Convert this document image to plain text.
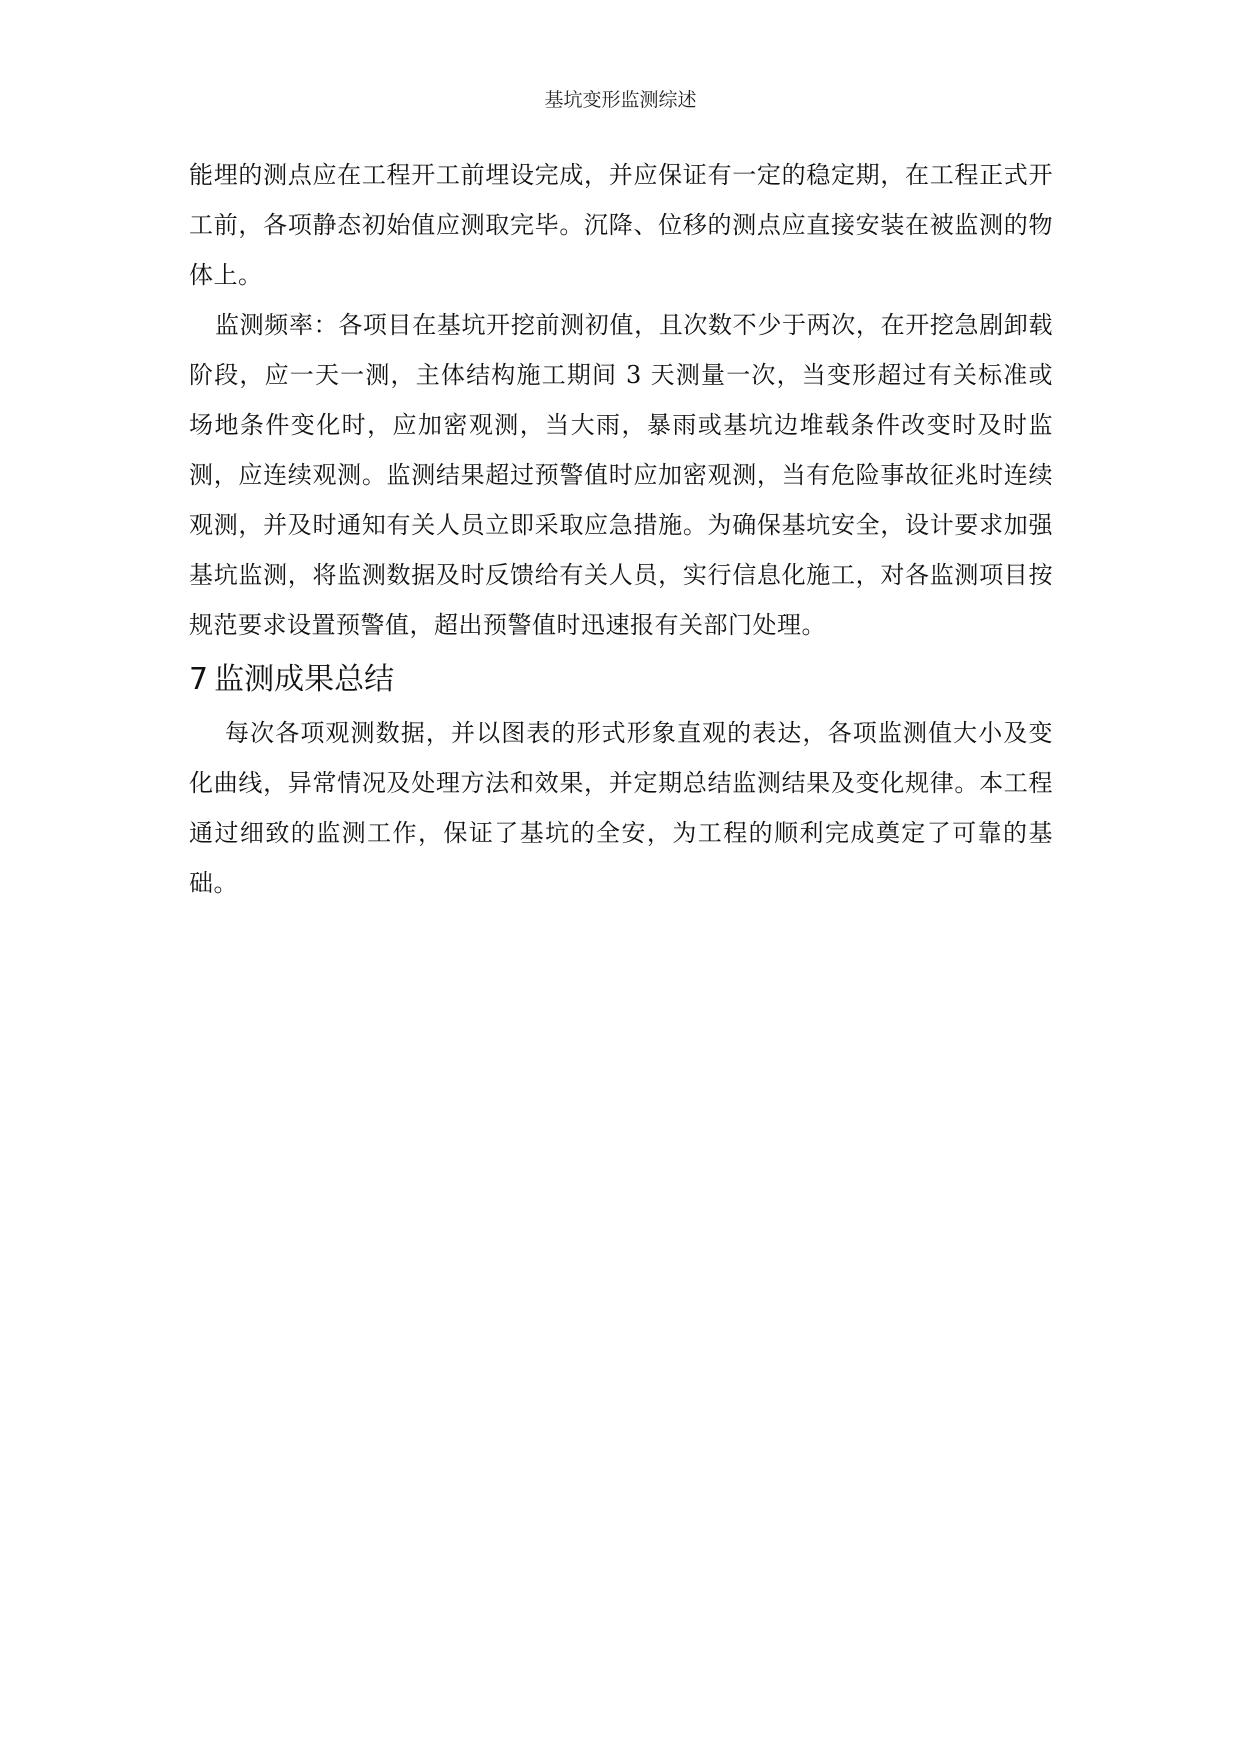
基坑变形监测综述

能埋的测点应在工程开工前埋设完成，并应保证有一定的稳定期，在工程正式开工前，各项静态初始值应测取完毕。沉降、位移的测点应直接安装在被监测的物体上。

监测频率：各项目在基坑开挖前测初值，且次数不少于两次，在开挖急剧卸载阶段，应一天一测，主体结构施工期间 3 天测量一次，当变形超过有关标准或场地条件变化时，应加密观测，当大雨，暴雨或基坑边堆载条件改变时及时监测，应连续观测。监测结果超过预警值时应加密观测，当有危险事故征兆时连续观测，并及时通知有关人员立即采取应急措施。为确保基坑安全，设计要求加强基坑监测，将监测数据及时反馈给有关人员，实行信息化施工，对各监测项目按规范要求设置预警值，超出预警值时迅速报有关部门处理。

7 监测成果总结

每次各项观测数据，并以图表的形式形象直观的表达，各项监测值大小及变化曲线，异常情况及处理方法和效果，并定期总结监测结果及变化规律。本工程通过细致的监测工作，保证了基坑的全安，为工程的顺利完成奠定了可靠的基础。
